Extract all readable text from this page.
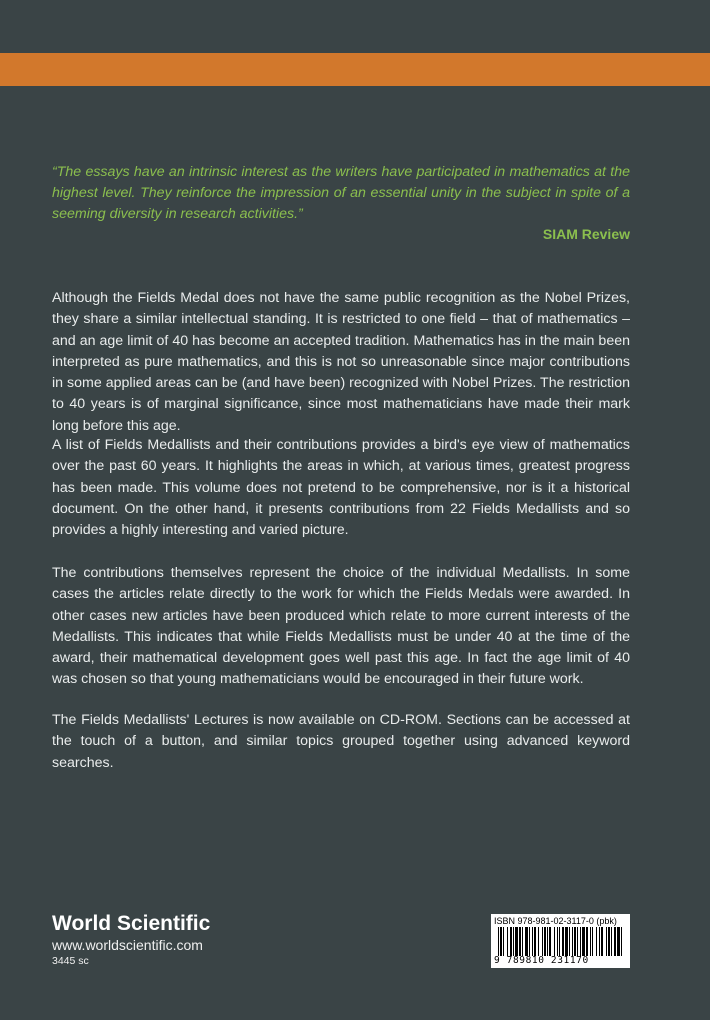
“The essays have an intrinsic interest as the writers have participated in mathematics at the highest level. They reinforce the impression of an essential unity in the subject in spite of a seeming diversity in research activities.”

SIAM Review

Although the Fields Medal does not have the same public recognition as the Nobel Prizes, they share a similar intellectual standing. It is restricted to one field – that of mathematics – and an age limit of 40 has become an accepted tradition. Mathematics has in the main been interpreted as pure mathematics, and this is not so unreasonable since major contributions in some applied areas can be (and have been) recognized with Nobel Prizes. The restriction to 40 years is of marginal significance, since most mathematicians have made their mark long before this age.

A list of Fields Medallists and their contributions provides a bird's eye view of mathematics over the past 60 years. It highlights the areas in which, at various times, greatest progress has been made. This volume does not pretend to be comprehensive, nor is it a historical document. On the other hand, it presents contributions from 22 Fields Medallists and so provides a highly interesting and varied picture.

The contributions themselves represent the choice of the individual Medallists. In some cases the articles relate directly to the work for which the Fields Medals were awarded. In other cases new articles have been produced which relate to more current interests of the Medallists. This indicates that while Fields Medallists must be under 40 at the time of the award, their mathematical development goes well past this age. In fact the age limit of 40 was chosen so that young mathematicians would be encouraged in their future work.

The Fields Medallists' Lectures is now available on CD-ROM. Sections can be accessed at the touch of a button, and similar topics grouped together using advanced keyword searches.

World Scientific
www.worldscientific.com
3445 sc
ISBN 978-981-02-3117-0 (pbk)
9 789810 231170
